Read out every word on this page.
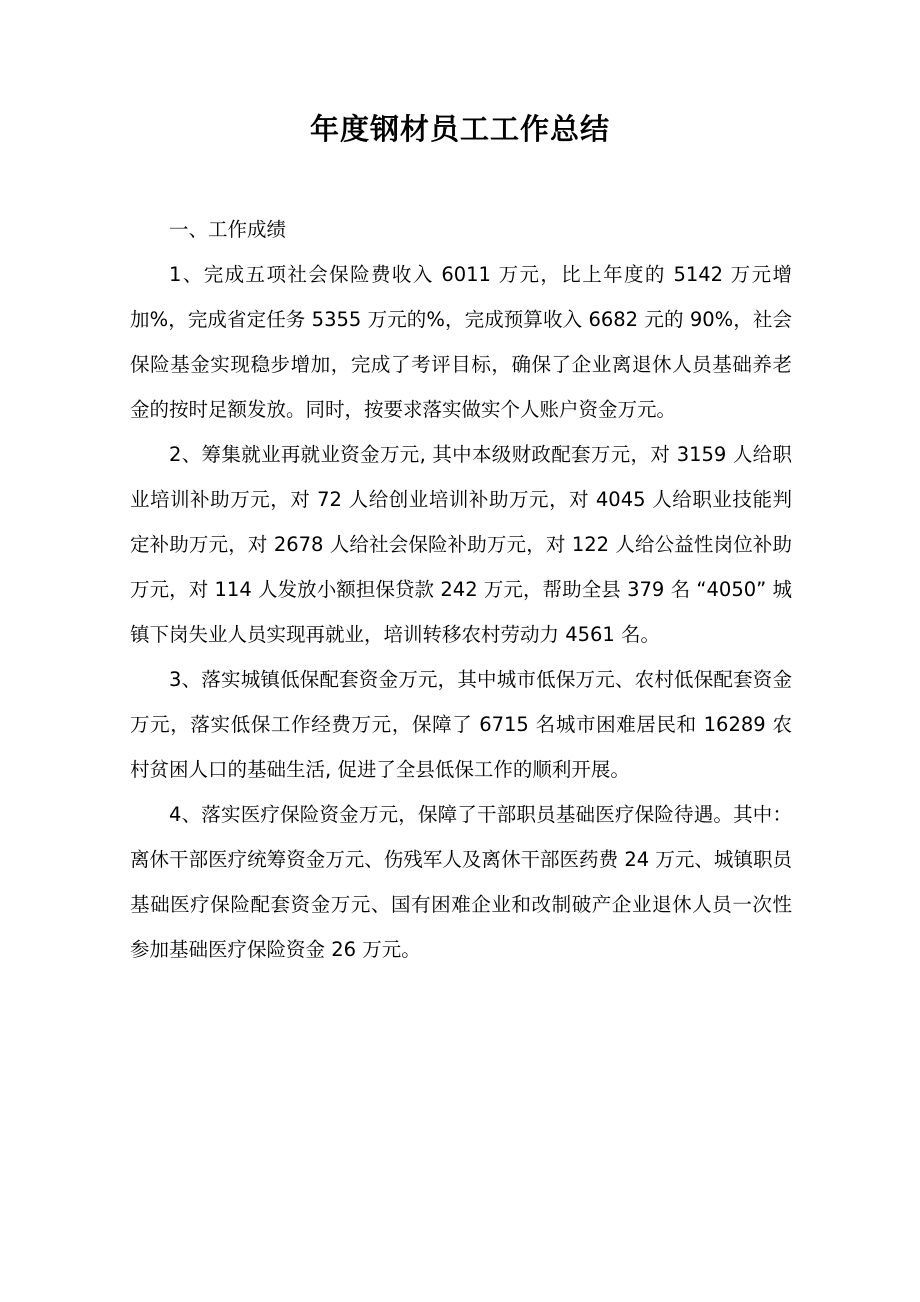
年度钢材员工工作总结

一、工作成绩

1、完成五项社会保险费收入 6011 万元，比上年度的 5142 万元增加%，完成省定任务 5355 万元的%，完成预算收入 6682 元的 90%，社会保险基金实现稳步增加，完成了考评目标，确保了企业离退休人员基础养老金的按时足额发放。同时，按要求落实做实个人账户资金万元。

2、筹集就业再就业资金万元, 其中本级财政配套万元，对 3159 人给职业培训补助万元，对 72 人给创业培训补助万元，对 4045 人给职业技能判定补助万元，对 2678 人给社会保险补助万元，对 122 人给公益性岗位补助万元，对 114 人发放小额担保贷款 242 万元，帮助全县 379 名 “4050” 城镇下岗失业人员实现再就业，培训转移农村劳动力 4561 名。

3、落实城镇低保配套资金万元，其中城市低保万元、农村低保配套资金万元，落实低保工作经费万元，保障了 6715 名城市困难居民和 16289 农村贫困人口的基础生活, 促进了全县低保工作的顺利开展。

4、落实医疗保险资金万元，保障了干部职员基础医疗保险待遇。其中：离休干部医疗统筹资金万元、伤残军人及离休干部医药费 24 万元、城镇职员基础医疗保险配套资金万元、国有困难企业和改制破产企业退休人员一次性参加基础医疗保险资金 26 万元。
